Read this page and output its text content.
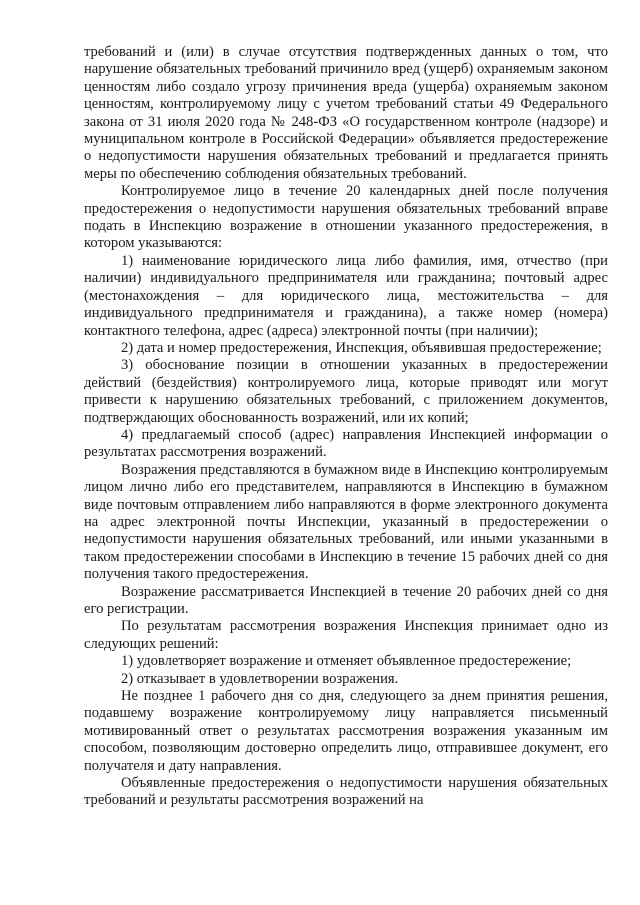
требований и (или) в случае отсутствия подтвержденных данных о том, что нарушение обязательных требований причинило вред (ущерб) охраняемым законом ценностям либо создало угрозу причинения вреда (ущерба) охраняемым законом ценностям, контролируемому лицу с учетом требований статьи 49 Федерального закона от 31 июля 2020 года № 248-ФЗ «О государственном контроле (надзоре) и муниципальном контроле в Российской Федерации» объявляется предостережение о недопустимости нарушения обязательных требований и предлагается принять меры по обеспечению соблюдения обязательных требований.

Контролируемое лицо в течение 20 календарных дней после получения предостережения о недопустимости нарушения обязательных требований вправе подать в Инспекцию возражение в отношении указанного предостережения, в котором указываются:

1) наименование юридического лица либо фамилия, имя, отчество (при наличии) индивидуального предпринимателя или гражданина; почтовый адрес (местонахождения – для юридического лица, местожительства – для индивидуального предпринимателя и гражданина), а также номер (номера) контактного телефона, адрес (адреса) электронной почты (при наличии);

2) дата и номер предостережения, Инспекция, объявившая предостережение;

3) обоснование позиции в отношении указанных в предостережении действий (бездействия) контролируемого лица, которые приводят или могут привести к нарушению обязательных требований, с приложением документов, подтверждающих обоснованность возражений, или их копий;

4) предлагаемый способ (адрес) направления Инспекцией информации о результатах рассмотрения возражений.

Возражения представляются в бумажном виде в Инспекцию контролируемым лицом лично либо его представителем, направляются в Инспекцию в бумажном виде почтовым отправлением либо направляются в форме электронного документа на адрес электронной почты Инспекции, указанный в предостережении о недопустимости нарушения обязательных требований, или иными указанными в таком предостережении способами в Инспекцию в течение 15 рабочих дней со дня получения такого предостережения.

Возражение рассматривается Инспекцией в течение 20 рабочих дней со дня его регистрации.

По результатам рассмотрения возражения Инспекция принимает одно из следующих решений:

1) удовлетворяет возражение и отменяет объявленное предостережение;

2) отказывает в удовлетворении возражения.

Не позднее 1 рабочего дня со дня, следующего за днем принятия решения, подавшему возражение контролируемому лицу направляется письменный мотивированный ответ о результатах рассмотрения возражения указанным им способом, позволяющим достоверно определить лицо, отправившее документ, его получателя и дату направления.

Объявленные предостережения о недопустимости нарушения обязательных требований и результаты рассмотрения возражений на
